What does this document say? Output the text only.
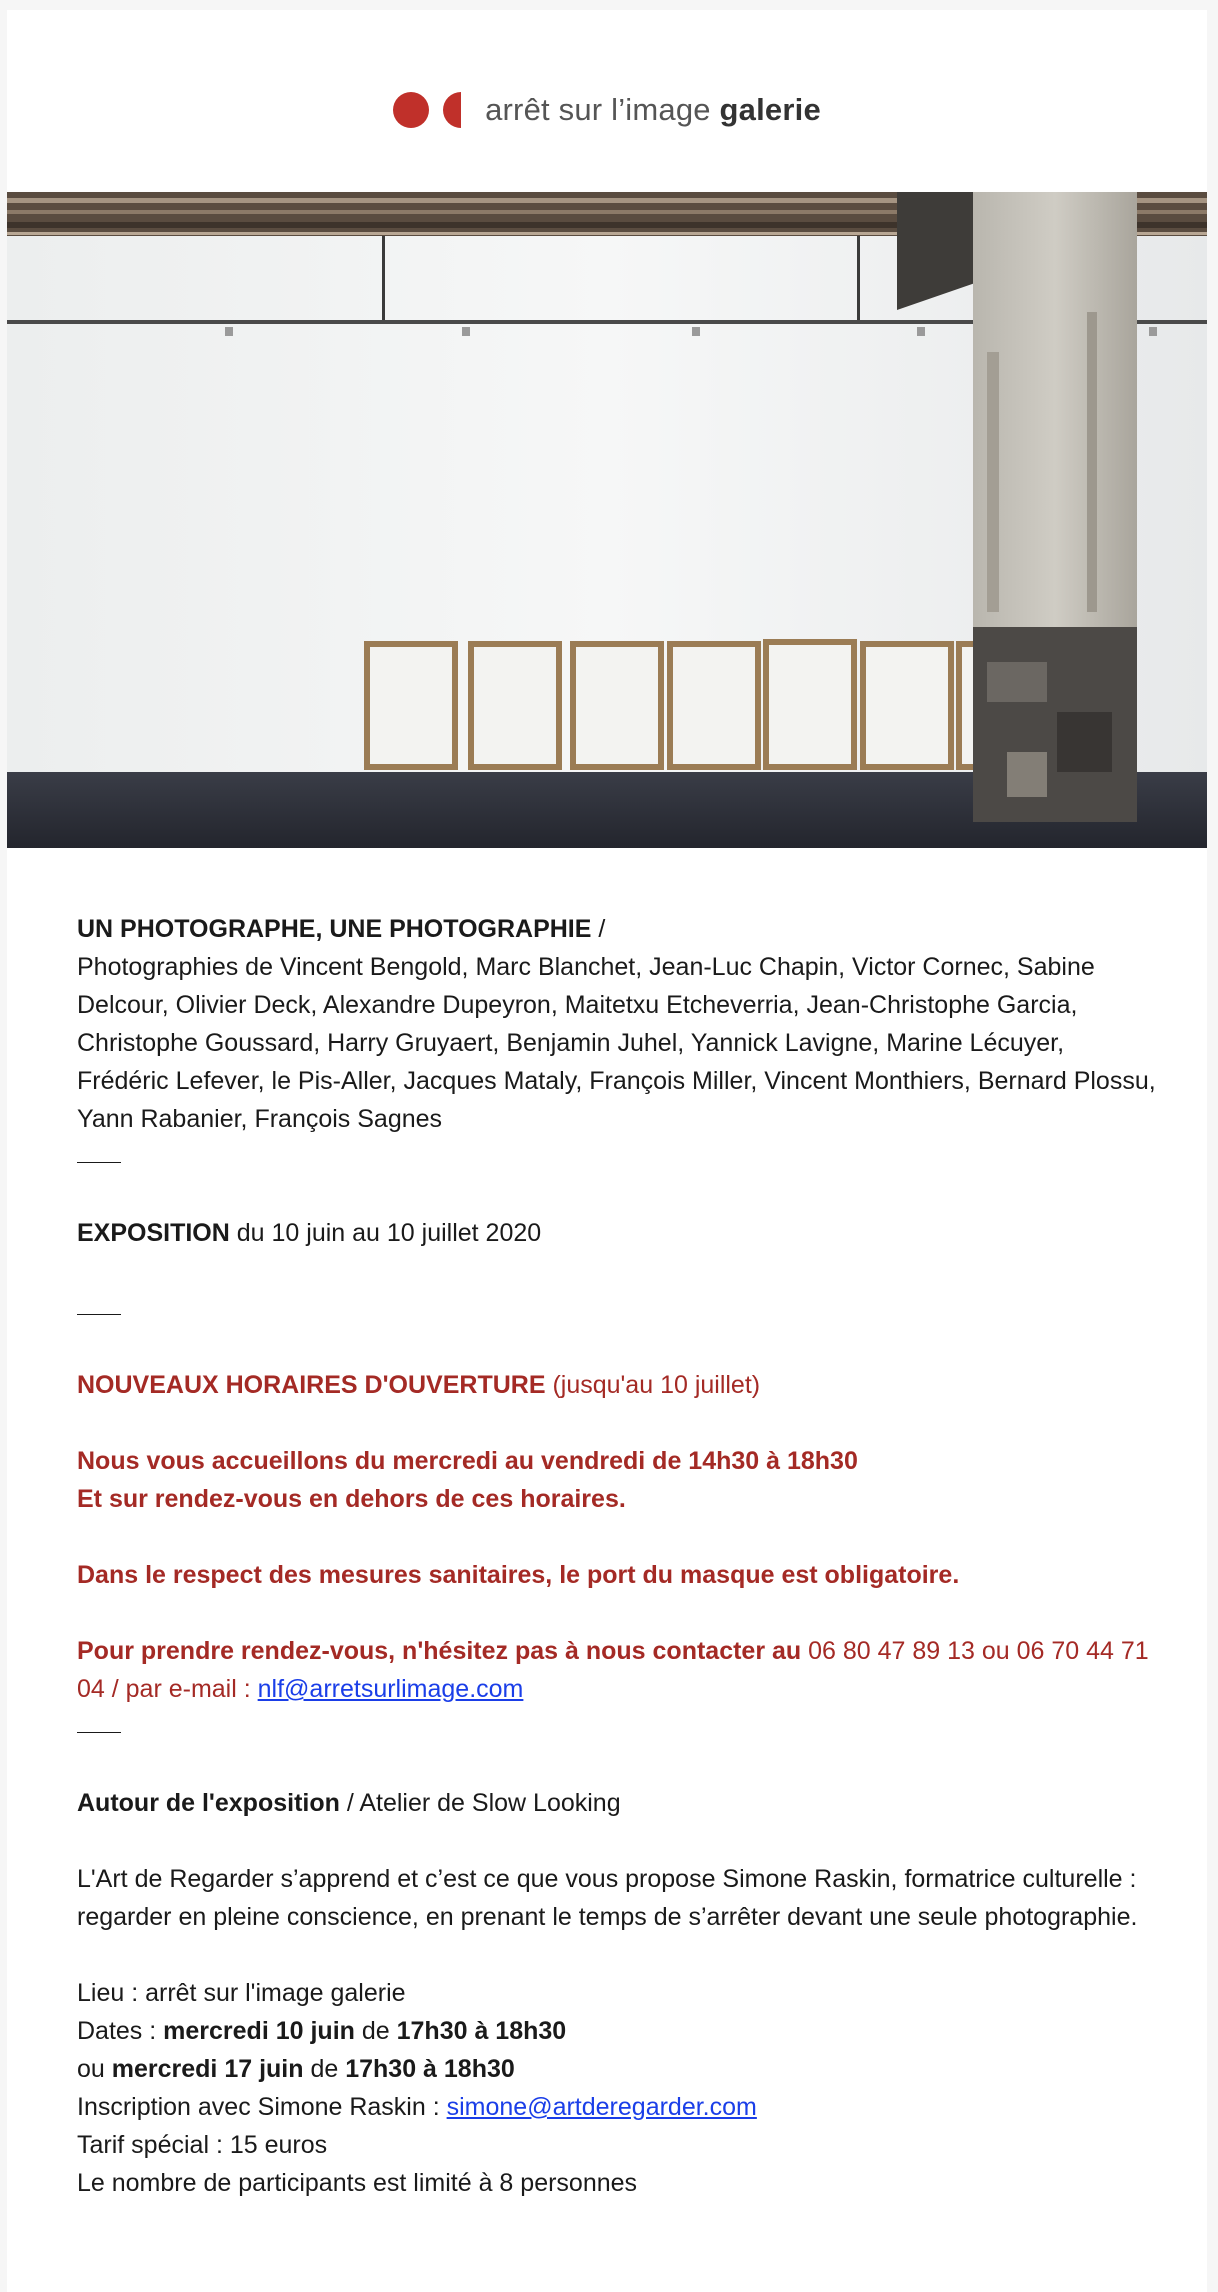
arrêt sur l’image galerie

UN PHOTOGRAPHE, UNE PHOTOGRAPHIE /

Photographies de Vincent Bengold, Marc Blanchet, Jean-Luc Chapin, Victor Cornec, Sabine Delcour, Olivier Deck, Alexandre Dupeyron, Maitetxu Etcheverria, Jean-Christophe Garcia, Christophe Goussard, Harry Gruyaert, Benjamin Juhel, Yannick Lavigne, Marine Lécuyer, Frédéric Lefever, le Pis-Aller, Jacques Mataly, François Miller, Vincent Monthiers, Bernard Plossu, Yann Rabanier, François Sagnes

EXPOSITION du 10 juin au 10 juillet 2020

NOUVEAUX HORAIRES D'OUVERTURE (jusqu'au 10 juillet)

Nous vous accueillons du mercredi au vendredi de 14h30 à 18h30

Et sur rendez-vous en dehors de ces horaires.

Dans le respect des mesures sanitaires, le port du masque est obligatoire.

Pour prendre rendez-vous, n'hésitez pas à nous contacter au 06 80 47 89 13 ou 06 70 44 71 04 / par e-mail : nlf@arretsurlimage.com

Autour de l'exposition / Atelier de Slow Looking

L'Art de Regarder s’apprend et c’est ce que vous propose Simone Raskin, formatrice culturelle : regarder en pleine conscience, en prenant le temps de s’arrêter devant une seule photographie.

Lieu : arrêt sur l'image galerie

Dates : mercredi 10 juin de 17h30 à 18h30

ou mercredi 17 juin de 17h30 à 18h30

Inscription avec Simone Raskin : simone@artderegarder.com

Tarif spécial : 15 euros

Le nombre de participants est limité à 8 personnes
